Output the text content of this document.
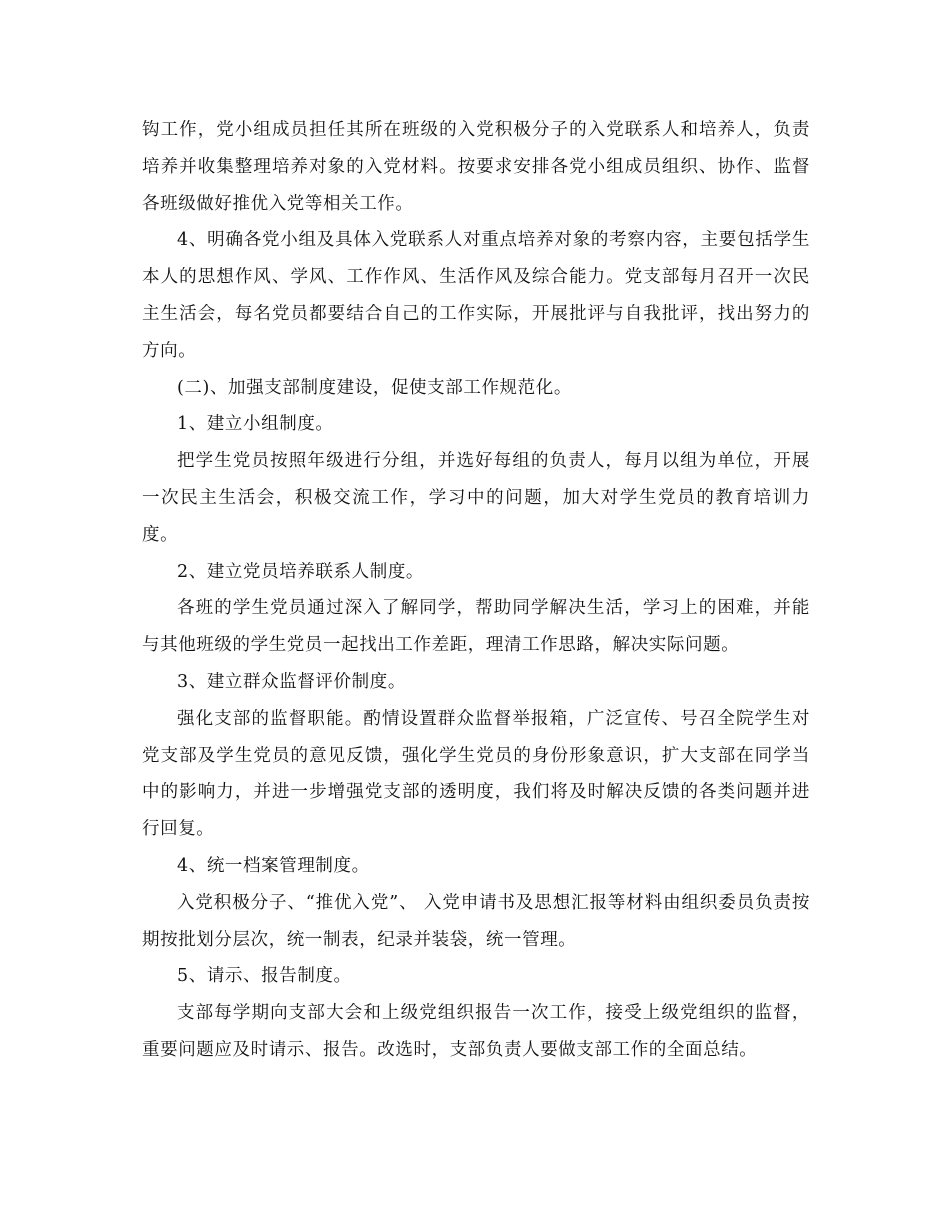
钩工作，党小组成员担任其所在班级的入党积极分子的入党联系人和培养人，负责培养并收集整理培养对象的入党材料。按要求安排各党小组成员组织、协作、监督各班级做好推优入党等相关工作。

4、明确各党小组及具体入党联系人对重点培养对象的考察内容，主要包括学生本人的思想作风、学风、工作作风、生活作风及综合能力。党支部每月召开一次民主生活会，每名党员都要结合自己的工作实际，开展批评与自我批评，找出努力的方向。

(二)、加强支部制度建设，促使支部工作规范化。

1、建立小组制度。

把学生党员按照年级进行分组，并选好每组的负责人，每月以组为单位，开展一次民主生活会，积极交流工作，学习中的问题，加大对学生党员的教育培训力度。

2、建立党员培养联系人制度。

各班的学生党员通过深入了解同学，帮助同学解决生活，学习上的困难，并能与其他班级的学生党员一起找出工作差距，理清工作思路，解决实际问题。

3、建立群众监督评价制度。

强化支部的监督职能。酌情设置群众监督举报箱，广泛宣传、号召全院学生对党支部及学生党员的意见反馈，强化学生党员的身份形象意识，扩大支部在同学当中的影响力，并进一步增强党支部的透明度，我们将及时解决反馈的各类问题并进行回复。

4、统一档案管理制度。

入党积极分子、“推优入党”、 入党申请书及思想汇报等材料由组织委员负责按期按批划分层次，统一制表，纪录并装袋，统一管理。

5、请示、报告制度。

支部每学期向支部大会和上级党组织报告一次工作，接受上级党组织的监督，重要问题应及时请示、报告。改选时，支部负责人要做支部工作的全面总结。
